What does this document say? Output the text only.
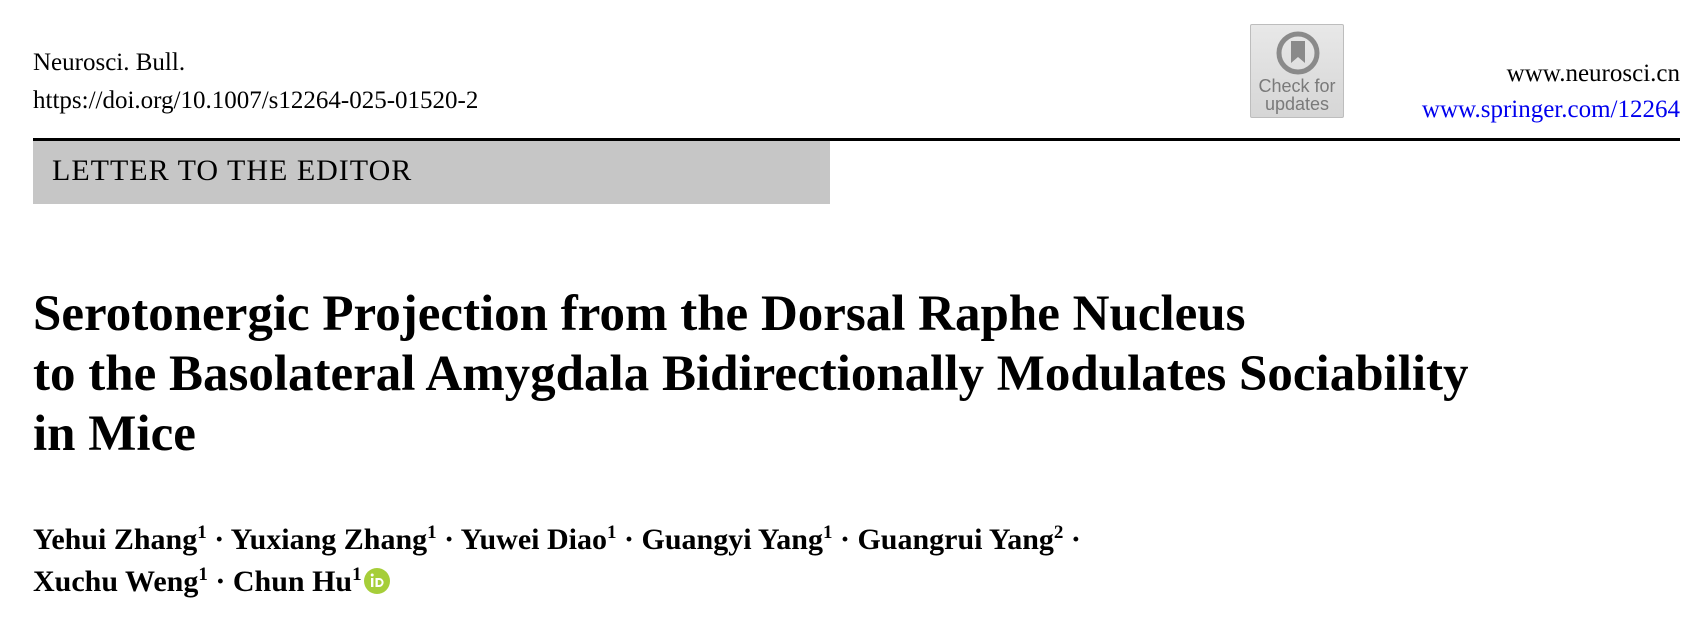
Neurosci. Bull.
https://doi.org/10.1007/s12264-025-01520-2
Check for
updates
www.neurosci.cn
www.springer.com/12264
LETTER TO THE EDITOR
Serotonergic Projection from the Dorsal Raphe Nucleus
to the Basolateral Amygdala Bidirectionally Modulates Sociability
in Mice
Yehui Zhang$^1$ · Yuxiang Zhang$^1$ · Yuwei Diao$^1$ · Guangyi Yang$^1$ · Guangrui Yang$^2$ ·
Xuchu Weng$^1$ · Chun Hu$^1$
